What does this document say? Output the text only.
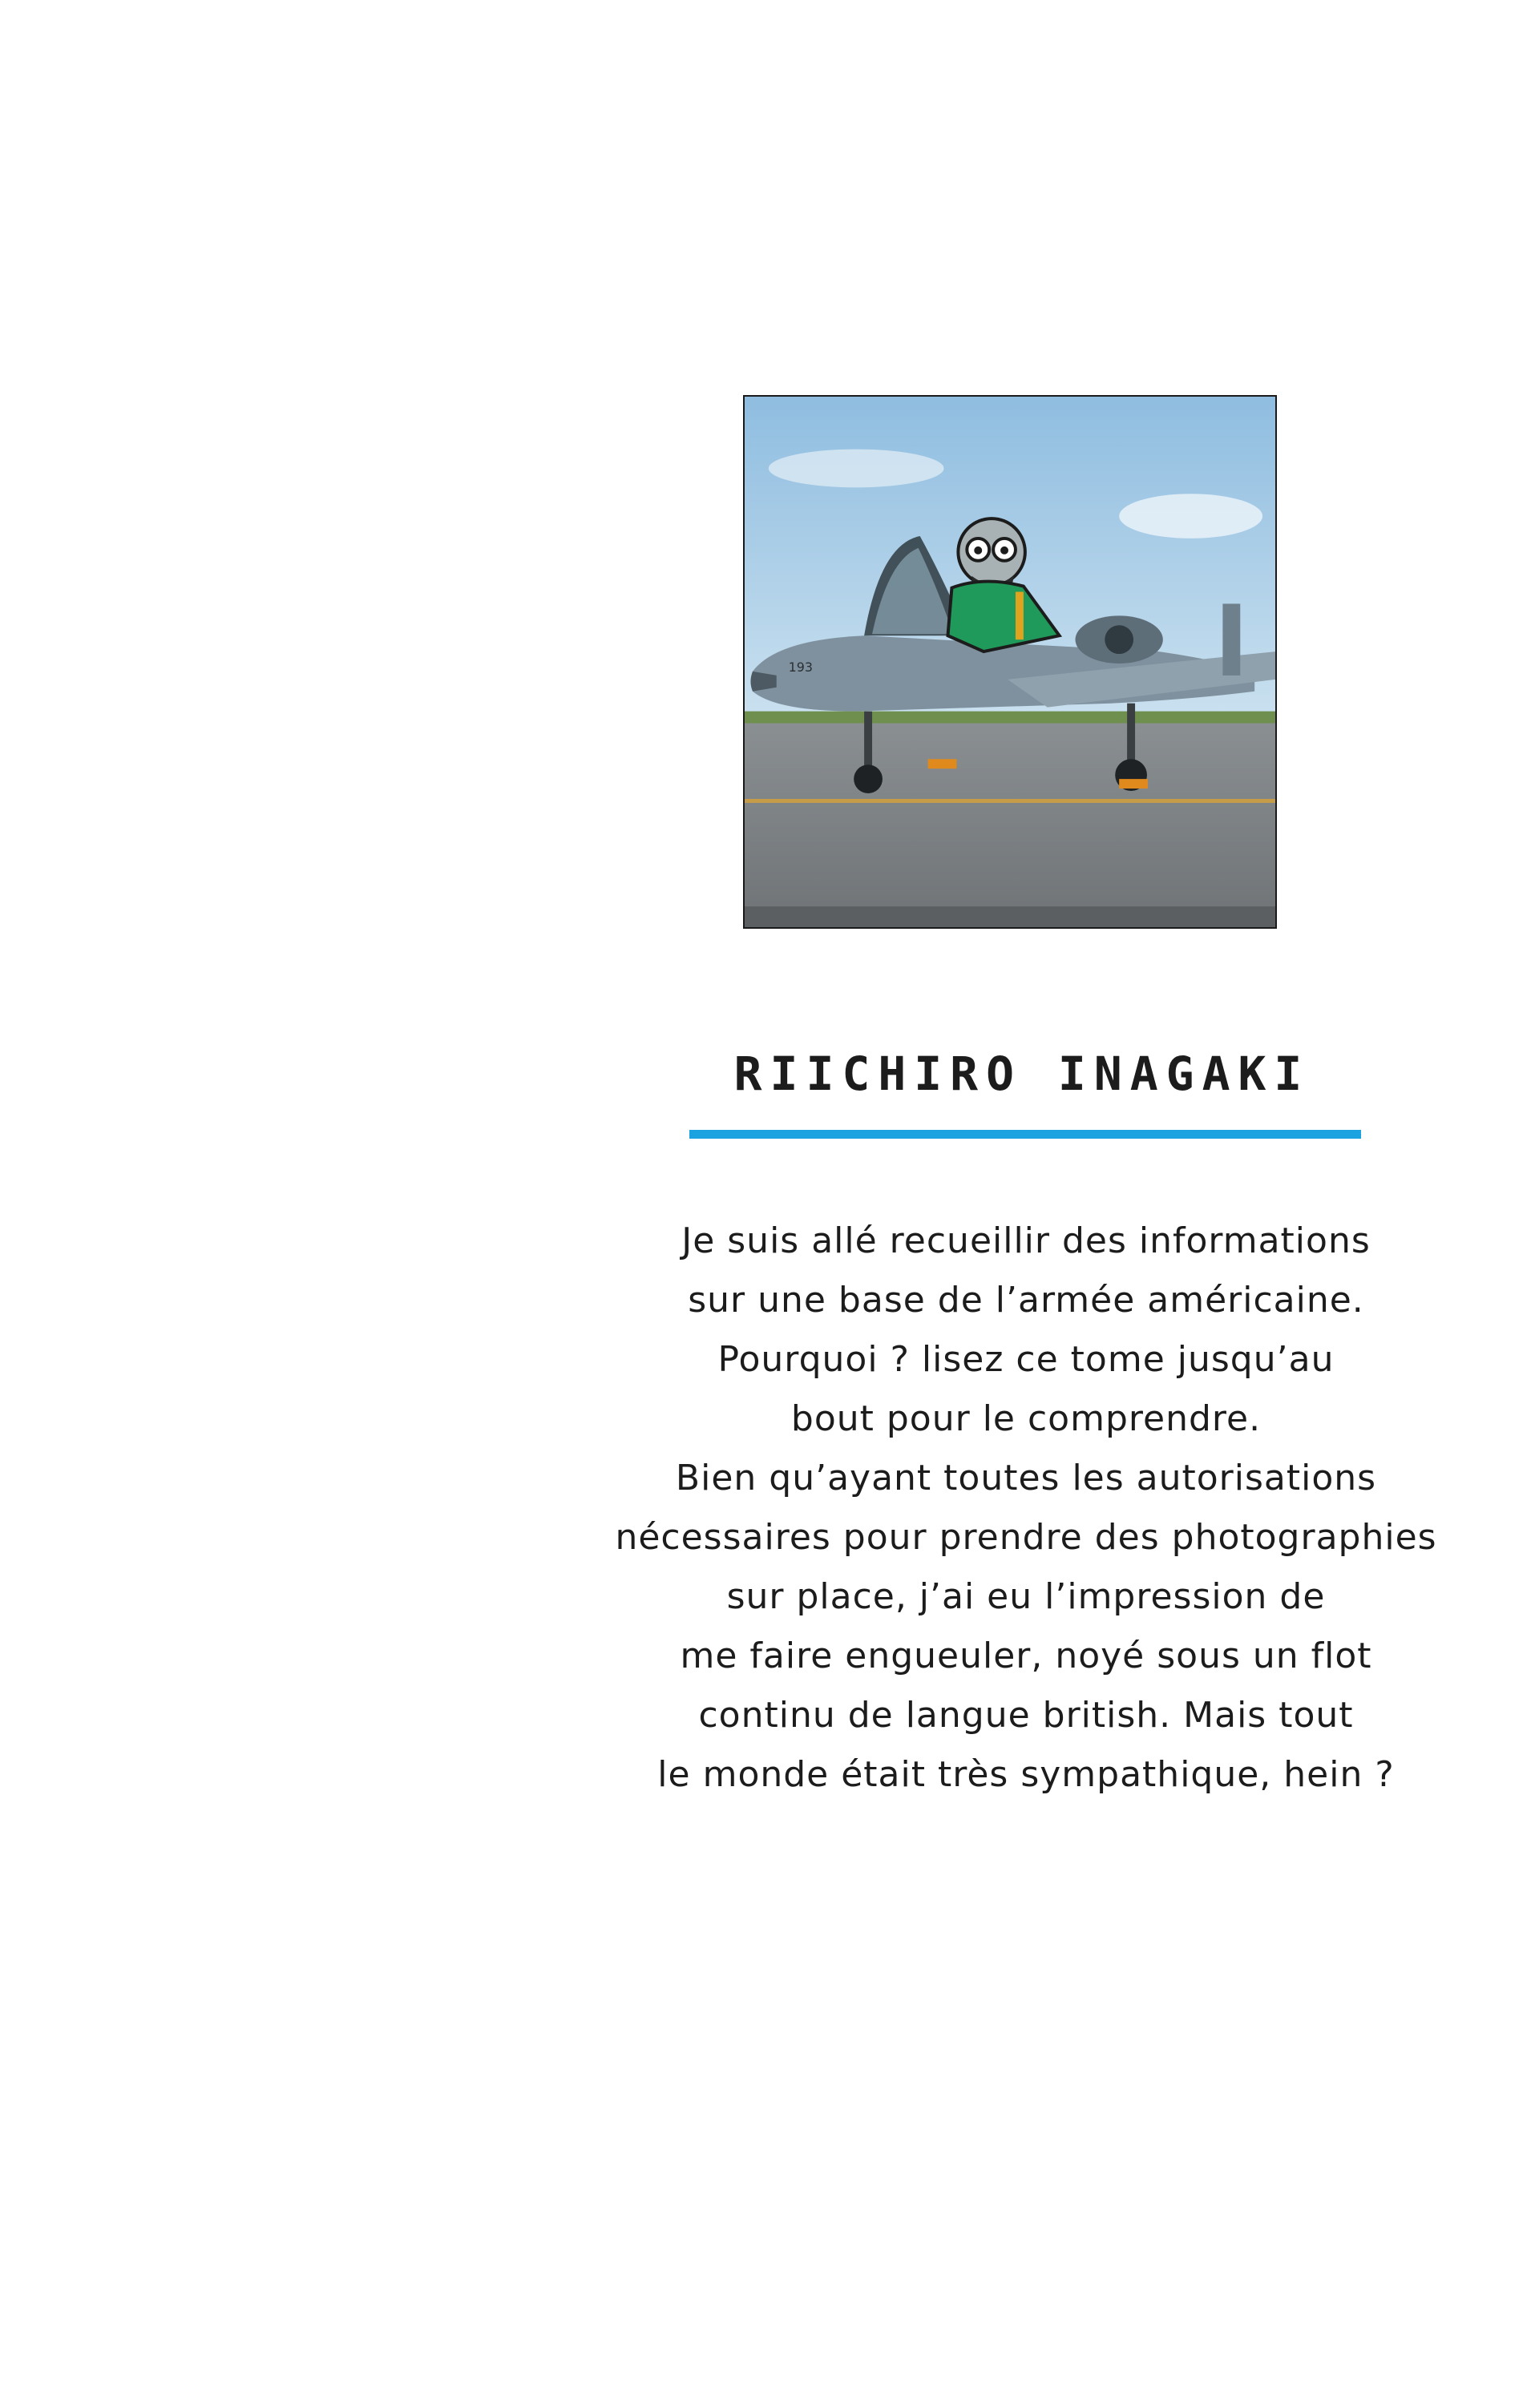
193
RIICHIRO INAGAKI
Je suis allé recueillir des informations
sur une base de l’armée américaine.
Pourquoi ? lisez ce tome jusqu’au
bout pour le comprendre.
Bien qu’ayant toutes les autorisations
nécessaires pour prendre des photographies
sur place, j’ai eu l’impression de
me faire engueuler, noyé sous un flot
continu de langue british. Mais tout
le monde était très sympathique, hein ?
